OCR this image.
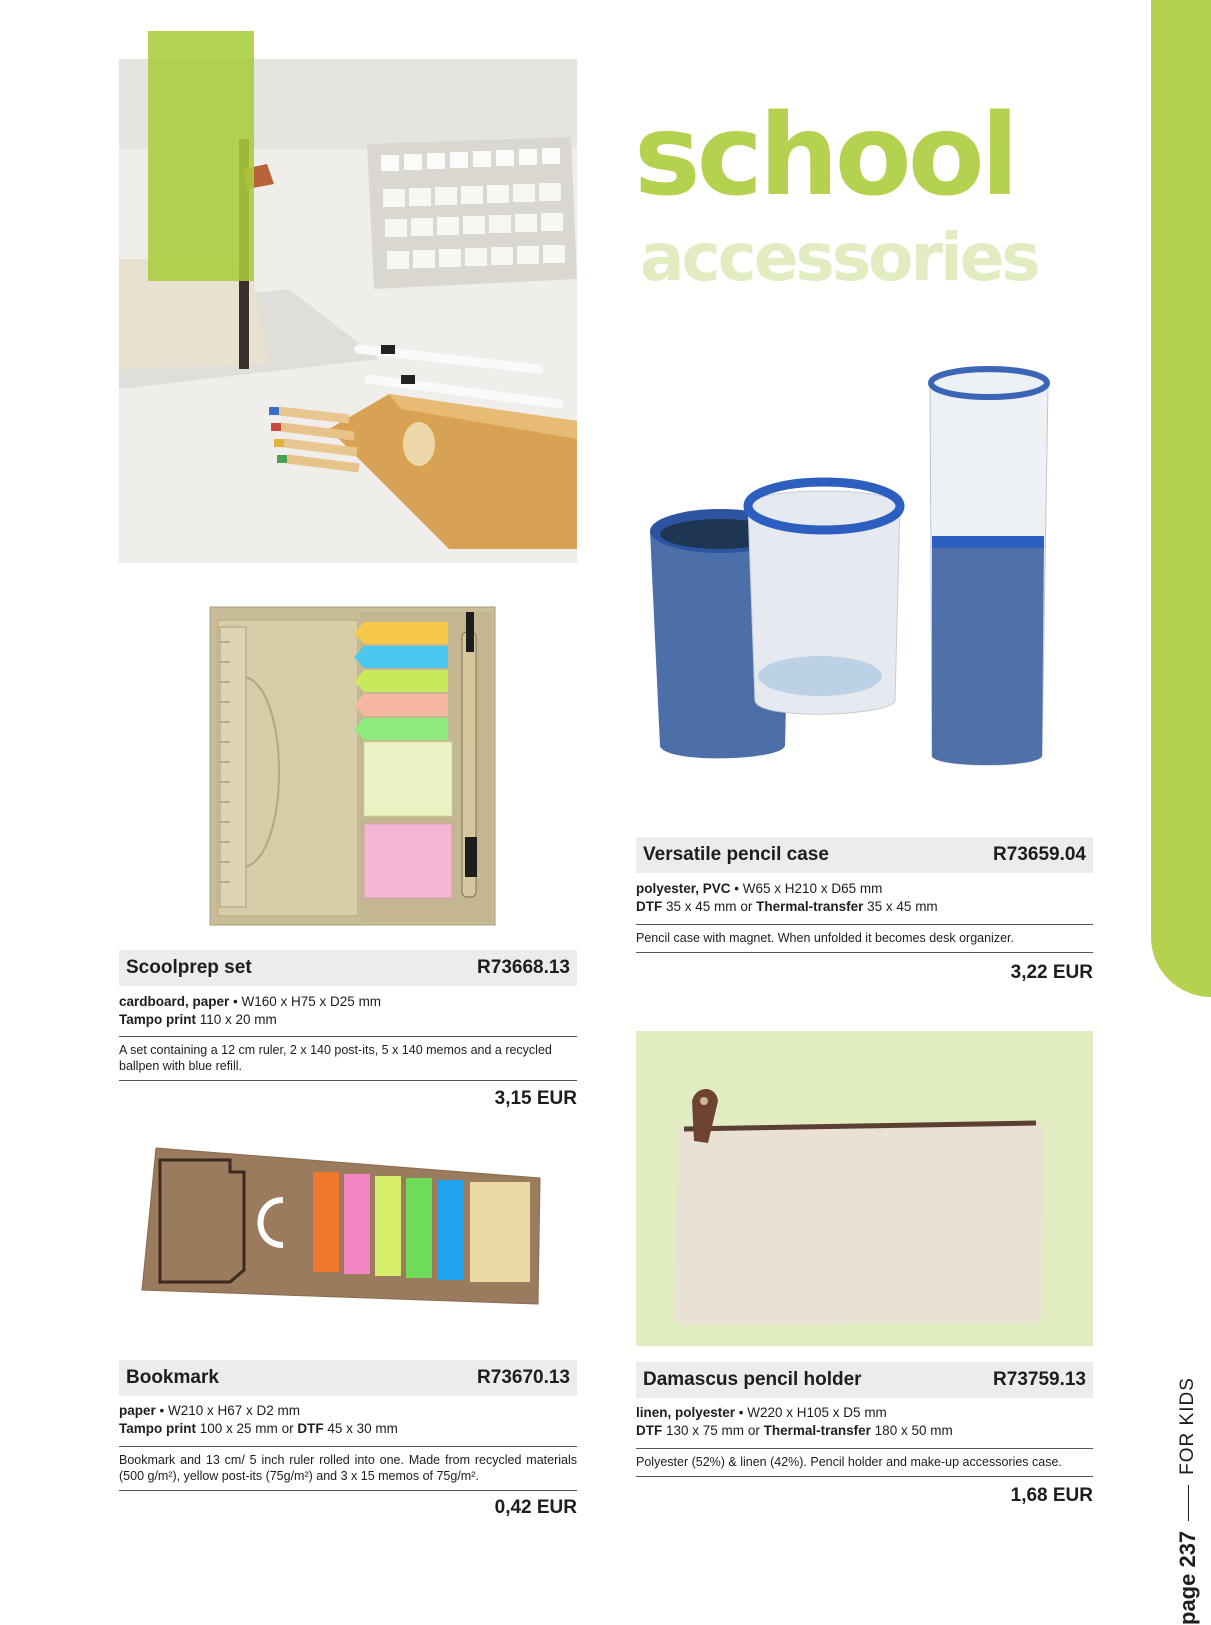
page 237
FOR KIDS
school
accessories
Scoolprep set	R73668.13
cardboard, paper • W160 x H75 x D25 mm
Tampo print 110 x 20 mm
A set containing a 12 cm ruler, 2 x 140 post-its, 5 x 140 memos and a recycled ballpen with blue refill.
3,15 EUR
Versatile pencil case	R73659.04
polyester, PVC • W65 x H210 x D65 mm
DTF 35 x 45 mm or Thermal-transfer 35 x 45 mm
Pencil case with magnet. When unfolded it becomes desk organizer.
3,22 EUR
Bookmark	R73670.13
paper • W210 x H67 x D2 mm
Tampo print 100 x 25 mm or DTF 45 x 30 mm
Bookmark and 13 cm/ 5 inch ruler rolled into one. Made from recycled materials (500 g/m²), yellow post-its (75g/m²) and 3 x 15 memos of 75g/m².
0,42 EUR
Damascus pencil holder	R73759.13
linen, polyester • W220 x H105 x D5 mm
DTF 130 x 75 mm or Thermal-transfer 180 x 50 mm
Polyester (52%) & linen (42%). Pencil holder and make-up accessories case.
1,68 EUR
